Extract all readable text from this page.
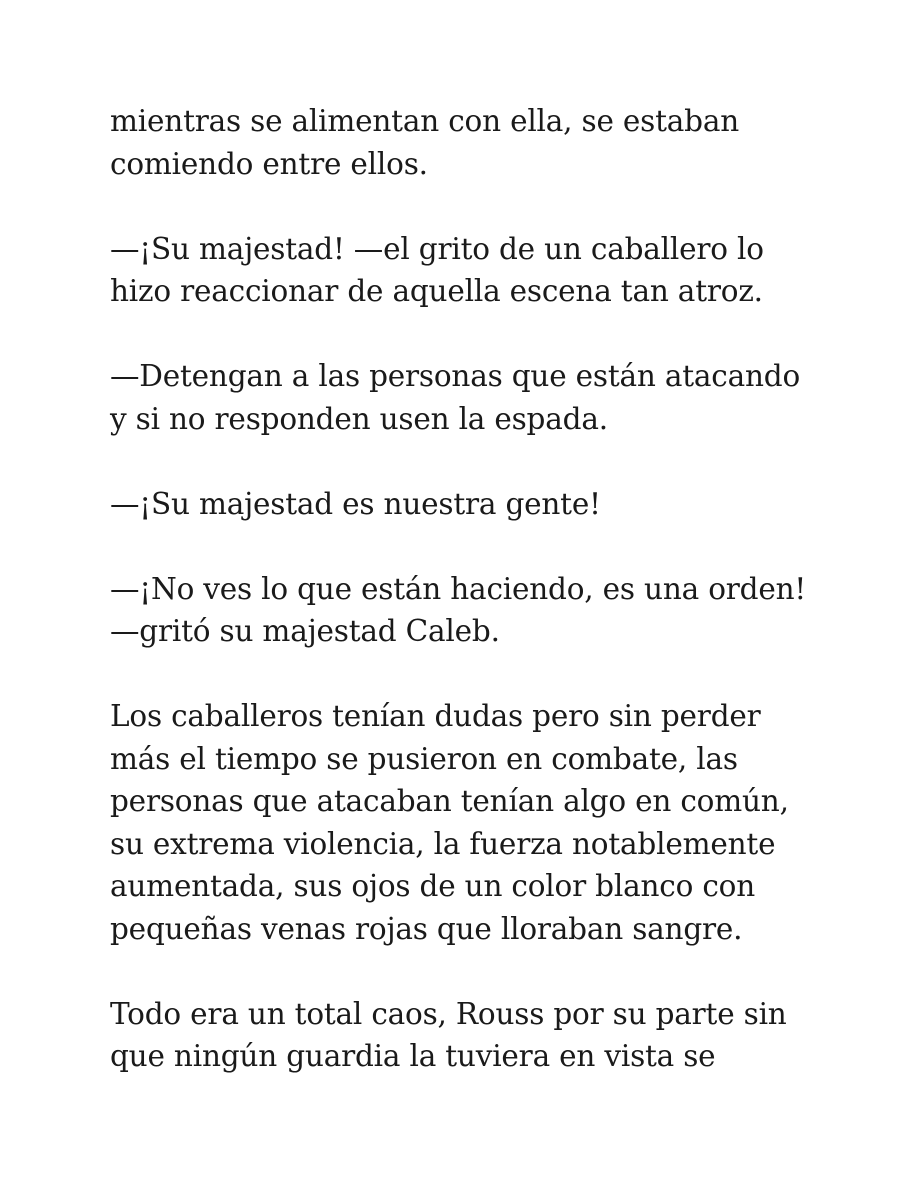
mientras se alimentan con ella, se estaban
comiendo entre ellos.

—¡Su majestad! —el grito de un caballero lo
hizo reaccionar de aquella escena tan atroz.

—Detengan a las personas que están atacando
y si no responden usen la espada.

—¡Su majestad es nuestra gente!

—¡No ves lo que están haciendo, es una orden!
—gritó su majestad Caleb.

Los caballeros tenían dudas pero sin perder
más el tiempo se pusieron en combate, las
personas que atacaban tenían algo en común,
su extrema violencia, la fuerza notablemente
aumentada, sus ojos de un color blanco con
pequeñas venas rojas que lloraban sangre.

Todo era un total caos, Rouss por su parte sin
que ningún guardia la tuviera en vista se
